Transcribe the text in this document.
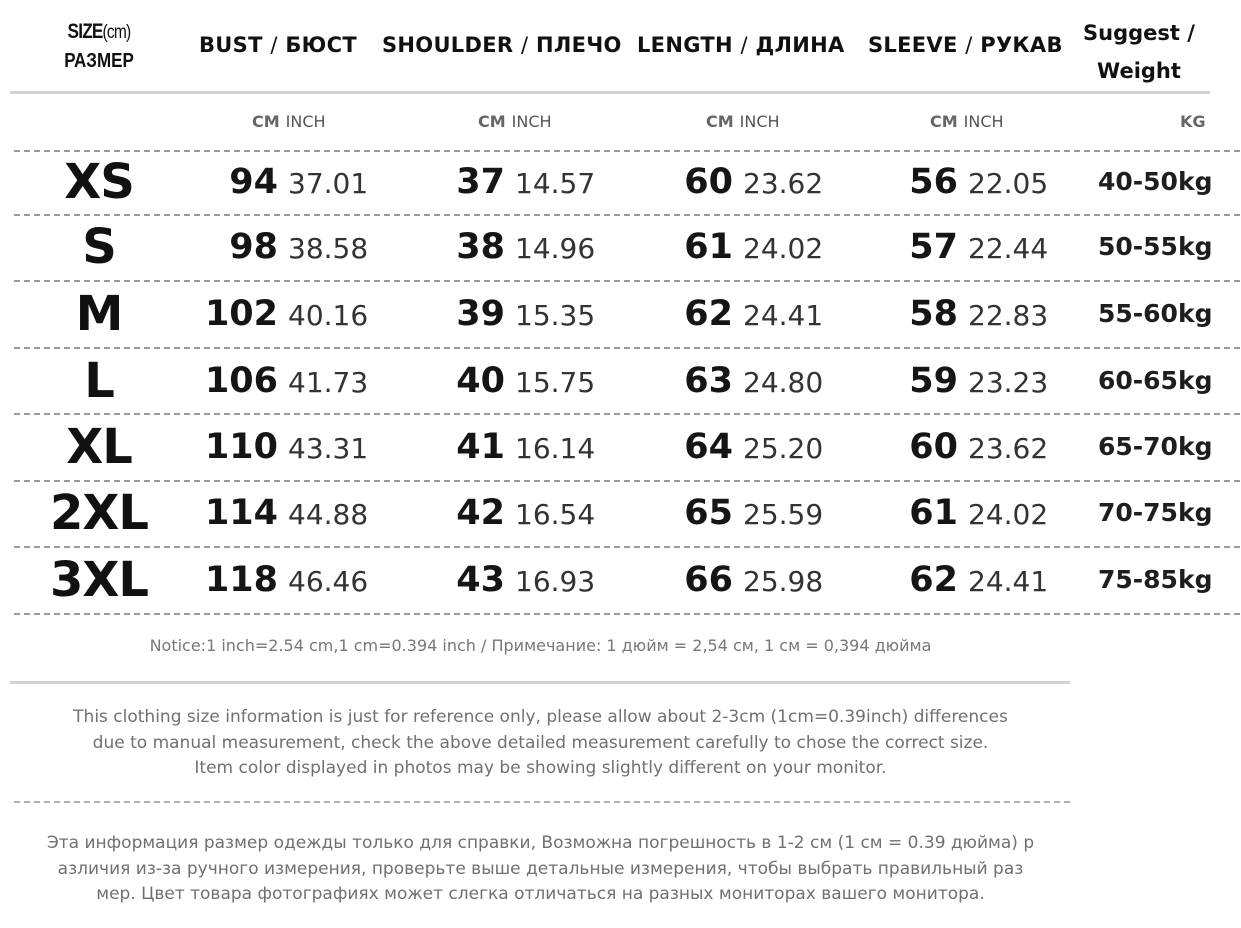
SIZE(cm)
РАЗМЕР
BUST / БЮСТ SHOULDER / ПЛЕЧО LENGTH / ДЛИНА SLEEVE / РУКАВ Suggest /
Weight
CM INCH	CM INCH	CM INCH	CM INCH	KG
XS	94 37.01	37 14.57	60 23.62	56 22.05 40-50kg
S	98 38.58	38 14.96	61 24.02	57 22.44 50-55kg
M	102 40.16	39 15.35	62 24.41	58 22.83 55-60kg
L	106 41.73	40 15.75	63 24.80	59 23.23 60-65kg
XL	110 43.31	41 16.14	64 25.20	60 23.62 65-70kg
2XL	114 44.88	42 16.54	65 25.59	61 24.02 70-75kg
3XL	118 46.46	43 16.93	66 25.98	62 24.41 75-85kg
Notice:1 inch=2.54 cm,1 cm=0.394 inch / Примечание: 1 дюйм = 2,54 см, 1 см = 0,394 дюйма
This clothing size information is just for reference only, please allow about 2-3cm (1cm=0.39inch) differences
due to manual measurement, check the above detailed measurement carefully to chose the correct size.
Item color displayed in photos may be showing slightly different on your monitor.
Эта информация размер одежды только для справки, Возможна погрешность в 1-2 см (1 см = 0.39 дюйма) р
азличия из-за ручного измерения, проверьте выше детальные измерения, чтобы выбрать правильный раз
мер. Цвет товара фотографиях может слегка отличаться на разных мониторах вашего монитора.
